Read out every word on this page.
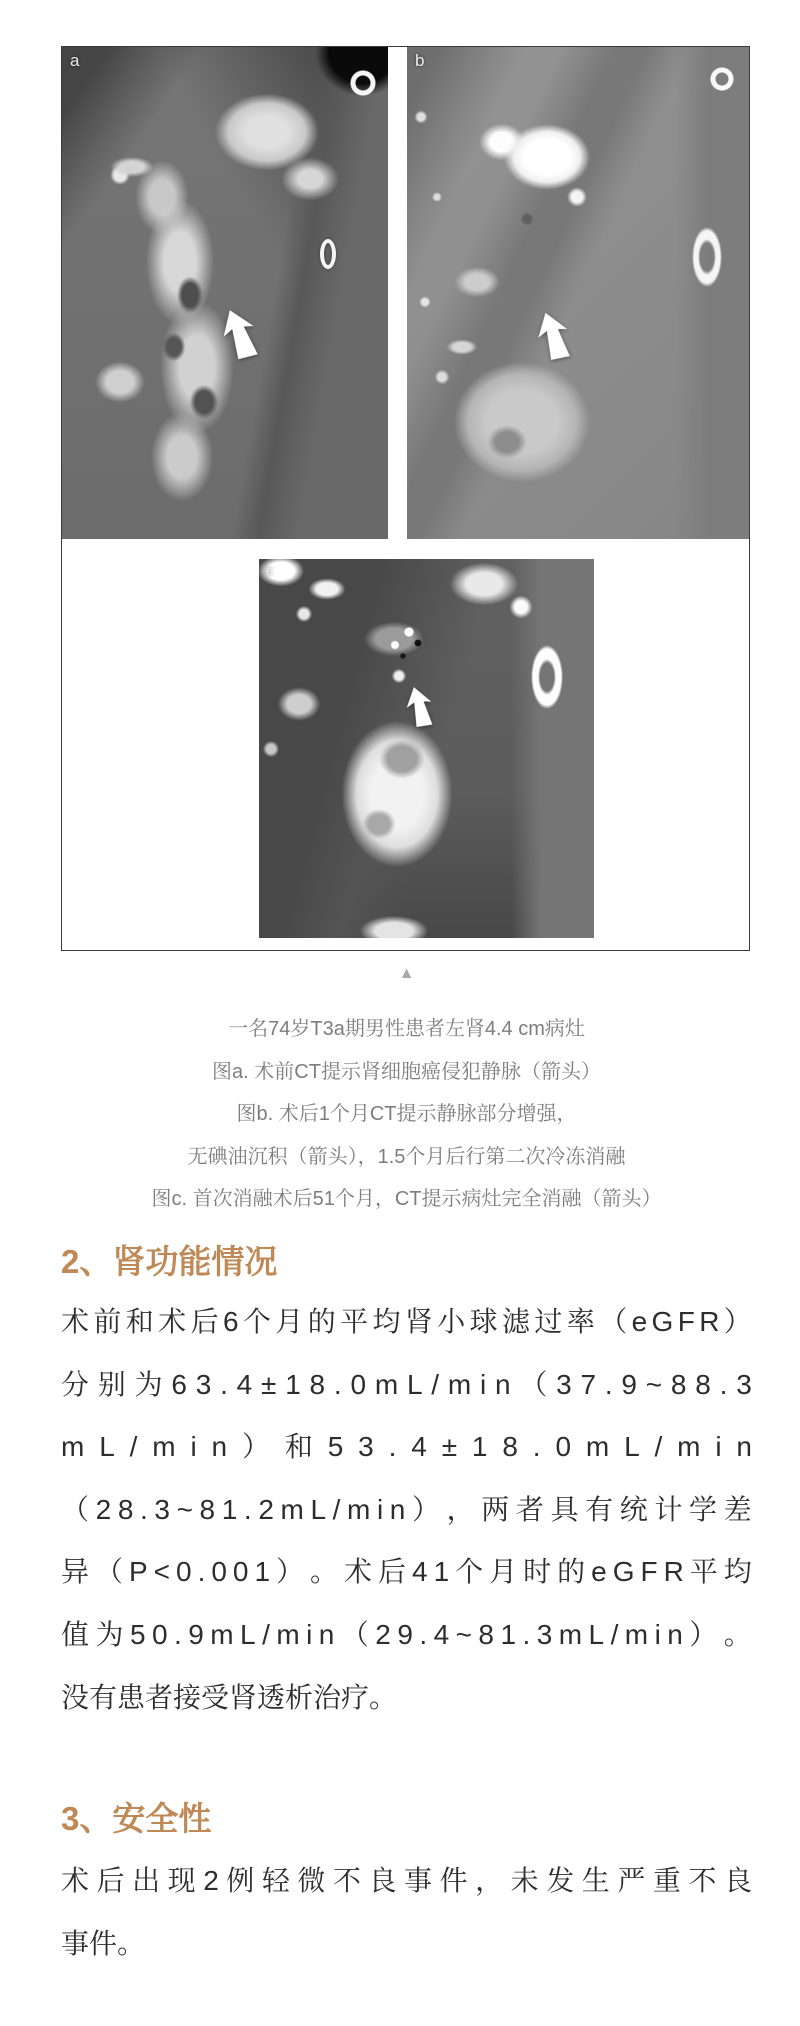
a	b
c
▲
一名74岁T3a期男性患者左肾4.4 cm病灶
图a. 术前CT提示肾细胞癌侵犯静脉（箭头）
图b. 术后1个月CT提示静脉部分增强，
无碘油沉积（箭头），1.5个月后行第二次冷冻消融
图c. 首次消融术后51个月，CT提示病灶完全消融（箭头）
2、肾功能情况
术 前 和 术 后 6 个 月 的 平 均 肾 小 球 滤 过 率 （ e G F R ）
分 别 为 6 3 . 4 ± 1 8 . 0 m L / m i n （ 3 7 . 9 ~ 8 8 . 3
m L / m i n ） 和 5 3 . 4 ± 1 8 . 0 m L / m i n
（ 2 8 . 3 ~ 8 1 . 2 m L / m i n ） ， 两 者 具 有 统 计 学 差
异 （ P < 0 . 0 0 1 ） 。 术 后 4 1 个 月 时 的 e G F R 平 均
值 为 5 0 . 9 m L / m i n （ 2 9 . 4 ~ 8 1 . 3 m L / m i n ） 。
没有患者接受肾透析治疗。
3、安全性
术 后 出 现 2 例 轻 微 不 良 事 件 ， 未 发 生 严 重 不 良
事件。
